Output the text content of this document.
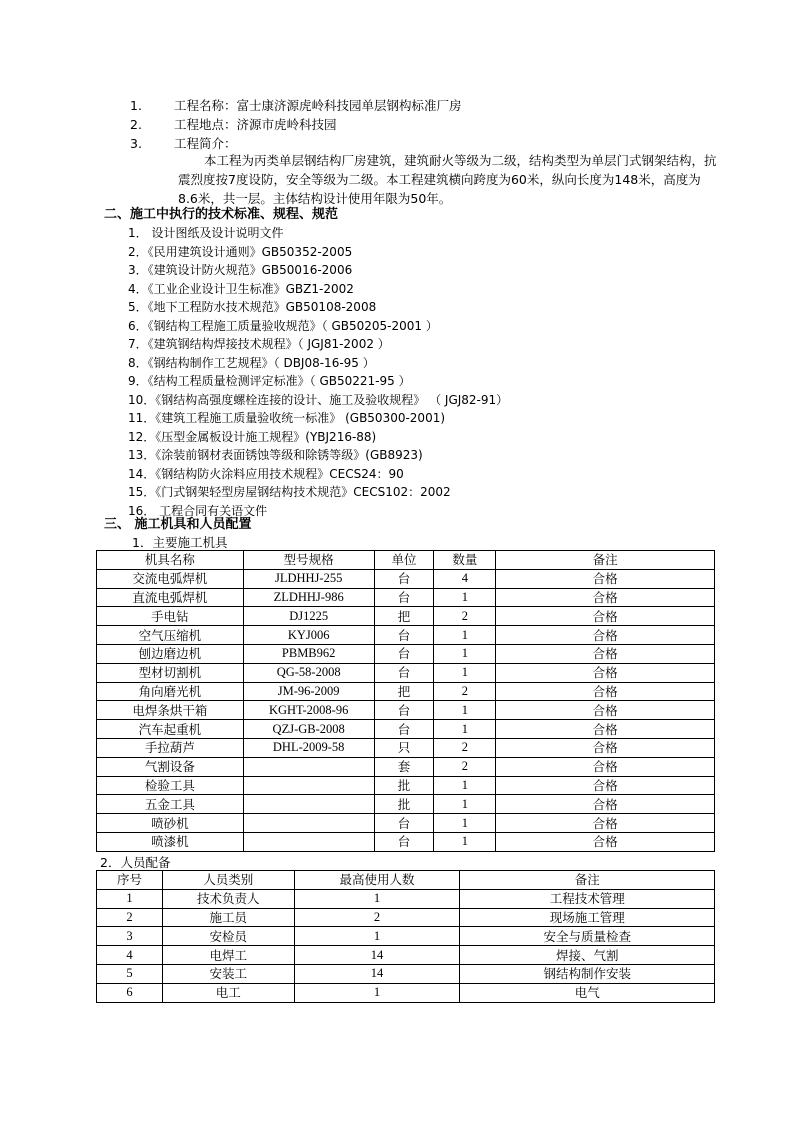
1.	工程名称：富士康济源虎岭科技园单层钢构标准厂房
2.	工程地点：济源市虎岭科技园
3.	工程简介：
本工程为丙类单层钢结构厂房建筑，建筑耐火等级为二级，结构类型为单层门式钢架结构，抗震烈度按7度设防，安全等级为二级。本工程建筑横向跨度为60米，纵向长度为148米，高度为8.6米，共一层。主体结构设计使用年限为50年。
二、施工中执行的技术标准、规程、规范
1． 设计图纸及设计说明文件
2．《民用建筑设计通则》GB50352-2005
3．《建筑设计防火规范》GB50016-2006
4．《工业企业设计卫生标准》GBZ1-2002
5．《地下工程防水技术规范》GB50108-2008
6．《钢结构工程施工质量验收规范》（ GB50205-2001 ）
7．《建筑钢结构焊接技术规程》（ JGJ81-2002 ）
8．《钢结构制作工艺规程》（ DBJ08-16-95 ）
9．《结构工程质量检测评定标准》（ GB50221-95 ）
10．《钢结构高强度螺栓连接的设计、施工及验收规程》 （ JGJ82-91）
11．《建筑工程施工质量验收统一标准》 (GB50300-2001)
12．《压型金属板设计施工规程》(YBJ216-88)
13．《涂装前钢材表面锈蚀等级和除锈等级》(GB8923)
14．《钢结构防火涂料应用技术规程》CECS24：90
15．《门式钢架轻型房屋钢结构技术规范》CECS102：2002
16． 工程合同有关语文件
三、 施工机具和人员配置
1．主要施工机具
机具名称	型号规格	单位	数量	备注
交流电弧焊机	JLDHHJ-255	台	4	合格
直流电弧焊机	ZLDHHJ-986	台	1	合格
手电钻	DJ1225	把	2	合格
空气压缩机	KYJ006	台	1	合格
刨边磨边机	PBMB962	台	1	合格
型材切割机	QG-58-2008	台	1	合格
角向磨光机	JM-96-2009	把	2	合格
电焊条烘干箱	KGHT-2008-96	台	1	合格
汽车起重机	QZJ-GB-2008	台	1	合格
手拉葫芦	DHL-2009-58	只	2	合格
气割设备		套	2	合格
检验工具		批	1	合格
五金工具		批	1	合格
喷砂机		台	1	合格
喷漆机		台	1	合格
2．人员配备
序号	人员类别	最高使用人数	备注
1	技术负责人	1	工程技术管理
2	施工员	2	现场施工管理
3	安检员	1	安全与质量检查
4	电焊工	14	焊接、气割
5	安装工	14	钢结构制作安装
6	电工	1	电气
